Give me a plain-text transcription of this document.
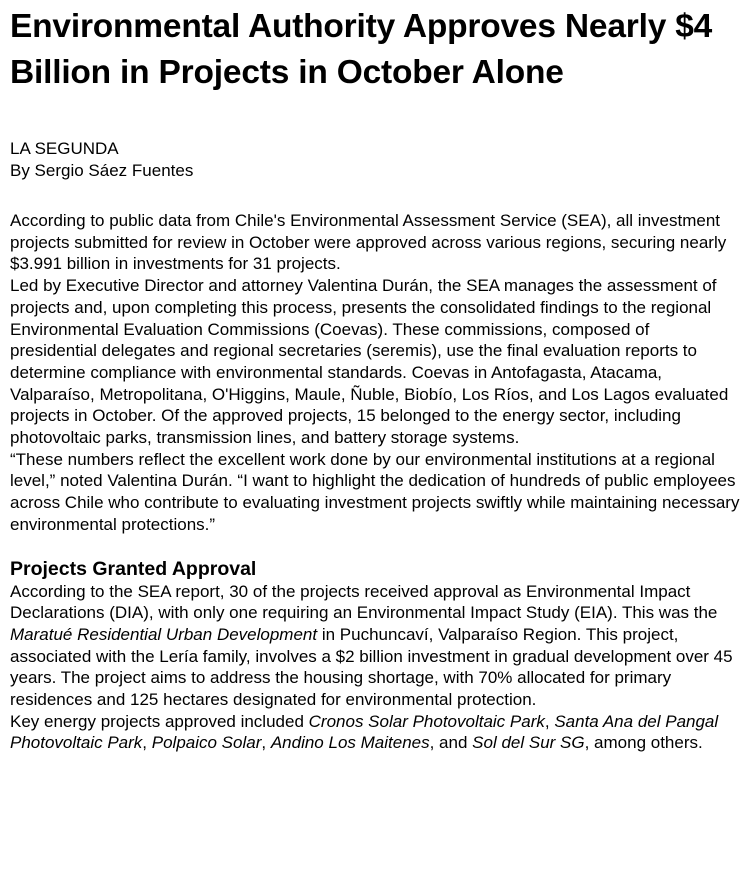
Environmental Authority Approves Nearly $4 Billion in Projects in October Alone
LA SEGUNDA
By Sergio Sáez Fuentes

According to public data from Chile's Environmental Assessment Service (SEA), all investment projects submitted for review in October were approved across various regions, securing nearly $3.991 billion in investments for 31 projects.

Led by Executive Director and attorney Valentina Durán, the SEA manages the assessment of projects and, upon completing this process, presents the consolidated findings to the regional Environmental Evaluation Commissions (Coevas). These commissions, composed of presidential delegates and regional secretaries (seremis), use the final evaluation reports to determine compliance with environmental standards. Coevas in Antofagasta, Atacama, Valparaíso, Metropolitana, O'Higgins, Maule, Ñuble, Biobío, Los Ríos, and Los Lagos evaluated projects in October. Of the approved projects, 15 belonged to the energy sector, including photovoltaic parks, transmission lines, and battery storage systems.

“These numbers reflect the excellent work done by our environmental institutions at a regional level,” noted Valentina Durán. “I want to highlight the dedication of hundreds of public employees across Chile who contribute to evaluating investment projects swiftly while maintaining necessary environmental protections.”

Projects Granted Approval

According to the SEA report, 30 of the projects received approval as Environmental Impact Declarations (DIA), with only one requiring an Environmental Impact Study (EIA). This was the Maratué Residential Urban Development in Puchuncaví, Valparaíso Region. This project, associated with the Lería family, involves a $2 billion investment in gradual development over 45 years. The project aims to address the housing shortage, with 70% allocated for primary residences and 125 hectares designated for environmental protection.

Key energy projects approved included Cronos Solar Photovoltaic Park, Santa Ana del Pangal Photovoltaic Park, Polpaico Solar, Andino Los Maitenes, and Sol del Sur SG, among others.
